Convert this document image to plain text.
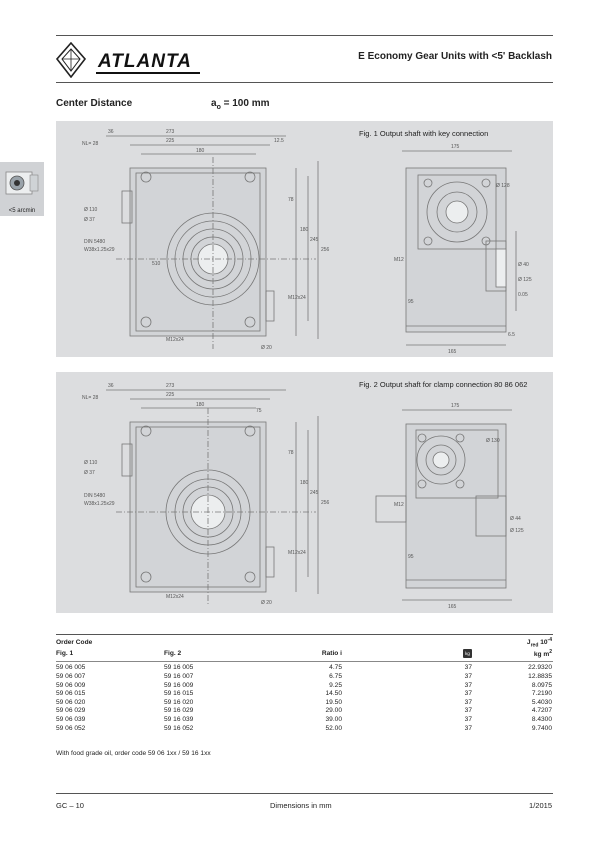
ATLANTA	E Economy Gear Units with <5' Backlash
Center Distance	$a_o = 100$ mm
<5 arcmin
Fig. 1 Output shaft with key connection
273
225
180
36
NL= 28	12.5
180
245
256
78
M12x24
Ø 110
Ø 37
DIN 5480
W38x1.25x29
510
M12x24
Ø 20
175
Ø 128
Ø 40
Ø 125
0.05
M12
95
6.5
165
Fig. 2 Output shaft for clamp connection 80 86 062
273
225
180
36
NL= 28
75
180
245
256
78
M12x24
Ø 110
Ø 37
DIN 5480
W38x1.25x29
M12x24
Ø 20
175
Ø 130
Ø 44
Ø 125
M12
95
165
Order Code				$J_{red}$ $10^{-4}$
Fig. 1	Fig. 2	Ratio i	kg	kg $m^2$

59 06 005	59 16 005	4.75	37	22.9320
59 06 007	59 16 007	6.75	37	12.8835
59 06 009	59 16 009	9.25	37	8.0975
59 06 015	59 16 015	14.50	37	7.2190
59 06 020	59 16 020	19.50	37	5.4030
59 06 029	59 16 029	29.00	37	4.7207
59 06 039	59 16 039	39.00	37	8.4300
59 06 052	59 16 052	52.00	37	9.7400
With food grade oil, order code 59 06 1xx / 59 16 1xx
GC – 10	Dimensions in mm	1/2015
